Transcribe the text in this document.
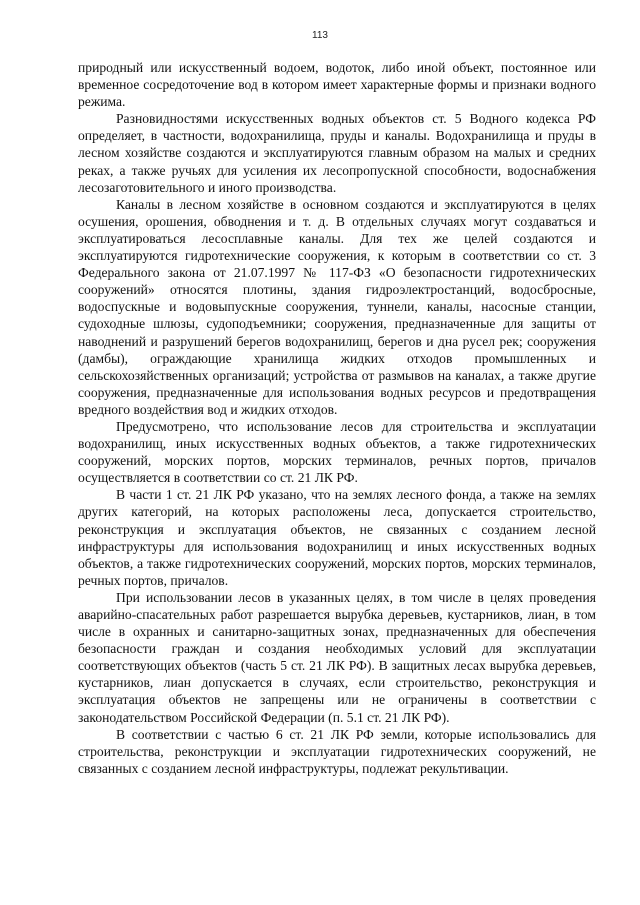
113

природный или искусственный водоем, водоток, либо иной объект, постоянное или временное сосредоточение вод в котором имеет характерные формы и признаки водного режима.

Разновидностями искусственных водных объектов ст. 5 Водного кодекса РФ определяет, в частности, водохранилища, пруды и каналы. Водохранилища и пруды в лесном хозяйстве создаются и эксплуатируются главным образом на малых и средних реках, а также ручьях для усиления их лесопропускной способности, водоснабжения лесозаготовительного и иного производства.

Каналы в лесном хозяйстве в основном создаются и эксплуатируются в целях осушения, орошения, обводнения и т. д. В отдельных случаях могут создаваться и эксплуатироваться лесосплавные каналы. Для тех же целей создаются и эксплуатируются гидротехнические сооружения, к которым в соответствии со ст. 3 Федерального закона от 21.07.1997 № 117-ФЗ «О безопасности гидротехнических сооружений» относятся плотины, здания гидроэлектростанций, водосбросные, водоспускные и водовыпускные сооружения, туннели, каналы, насосные станции, судоходные шлюзы, судоподъемники; сооружения, предназначенные для защиты от наводнений и разрушений берегов водохранилищ, берегов и дна русел рек; сооружения (дамбы), ограждающие хранилища жидких отходов промышленных и сельскохозяйственных организаций; устройства от размывов на каналах, а также другие сооружения, предназначенные для использования водных ресурсов и предотвращения вредного воздействия вод и жидких отходов.

Предусмотрено, что использование лесов для строительства и эксплуатации водохранилищ, иных искусственных водных объектов, а также гидротехнических сооружений, морских портов, морских терминалов, речных портов, причалов осуществляется в соответствии со ст. 21 ЛК РФ.

В части 1 ст. 21 ЛК РФ указано, что на землях лесного фонда, а также на землях других категорий, на которых расположены леса, допускается строительство, реконструкция и эксплуатация объектов, не связанных с созданием лесной инфраструктуры для использования водохранилищ и иных искусственных водных объектов, а также гидротехнических сооружений, морских портов, морских терминалов, речных портов, причалов.

При использовании лесов в указанных целях, в том числе в целях проведения аварийно-спасательных работ разрешается вырубка деревьев, кустарников, лиан, в том числе в охранных и санитарно-защитных зонах, предназначенных для обеспечения безопасности граждан и создания необходимых условий для эксплуатации соответствующих объектов (часть 5 ст. 21 ЛК РФ). В защитных лесах вырубка деревьев, кустарников, лиан допускается в случаях, если строительство, реконструкция и эксплуатация объектов не запрещены или не ограничены в соответствии с законодательством Российской Федерации (п. 5.1 ст. 21 ЛК РФ).

В соответствии с частью 6 ст. 21 ЛК РФ земли, которые использовались для строительства, реконструкции и эксплуатации гидротехнических сооружений, не связанных с созданием лесной инфраструктуры, подлежат рекультивации.
